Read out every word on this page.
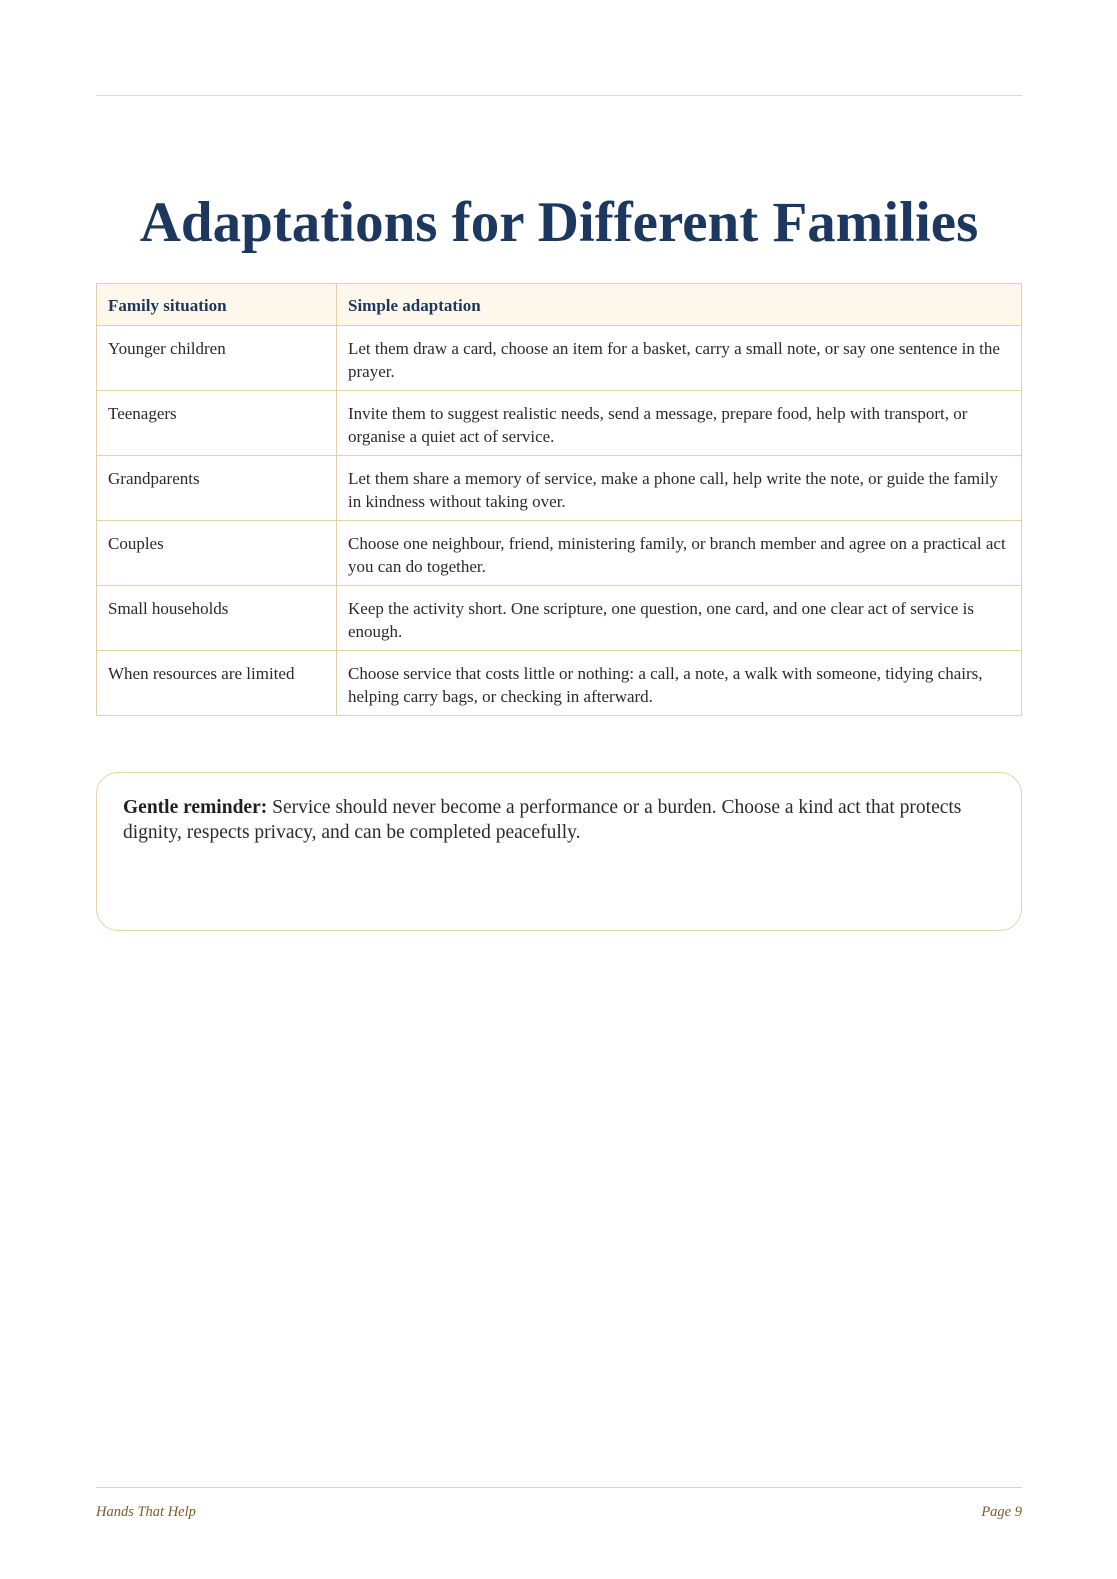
Adaptations for Different Families
Family situation	Simple adaptation
Younger children	Let them draw a card, choose an item for a basket, carry a small note, or say one sentence in the prayer.
Teenagers	Invite them to suggest realistic needs, send a message, prepare food, help with transport, or organise a quiet act of service.
Grandparents	Let them share a memory of service, make a phone call, help write the note, or guide the family in kindness without taking over.
Couples	Choose one neighbour, friend, ministering family, or branch member and agree on a practical act you can do together.
Small households	Keep the activity short. One scripture, one question, one card, and one clear act of service is enough.
When resources are limited	Choose service that costs little or nothing: a call, a note, a walk with someone, tidying chairs, helping carry bags, or checking in afterward.
Gentle reminder: Service should never become a performance or a burden. Choose a kind act that protects dignity, respects privacy, and can be completed peacefully.
Hands That Help	Page 9
